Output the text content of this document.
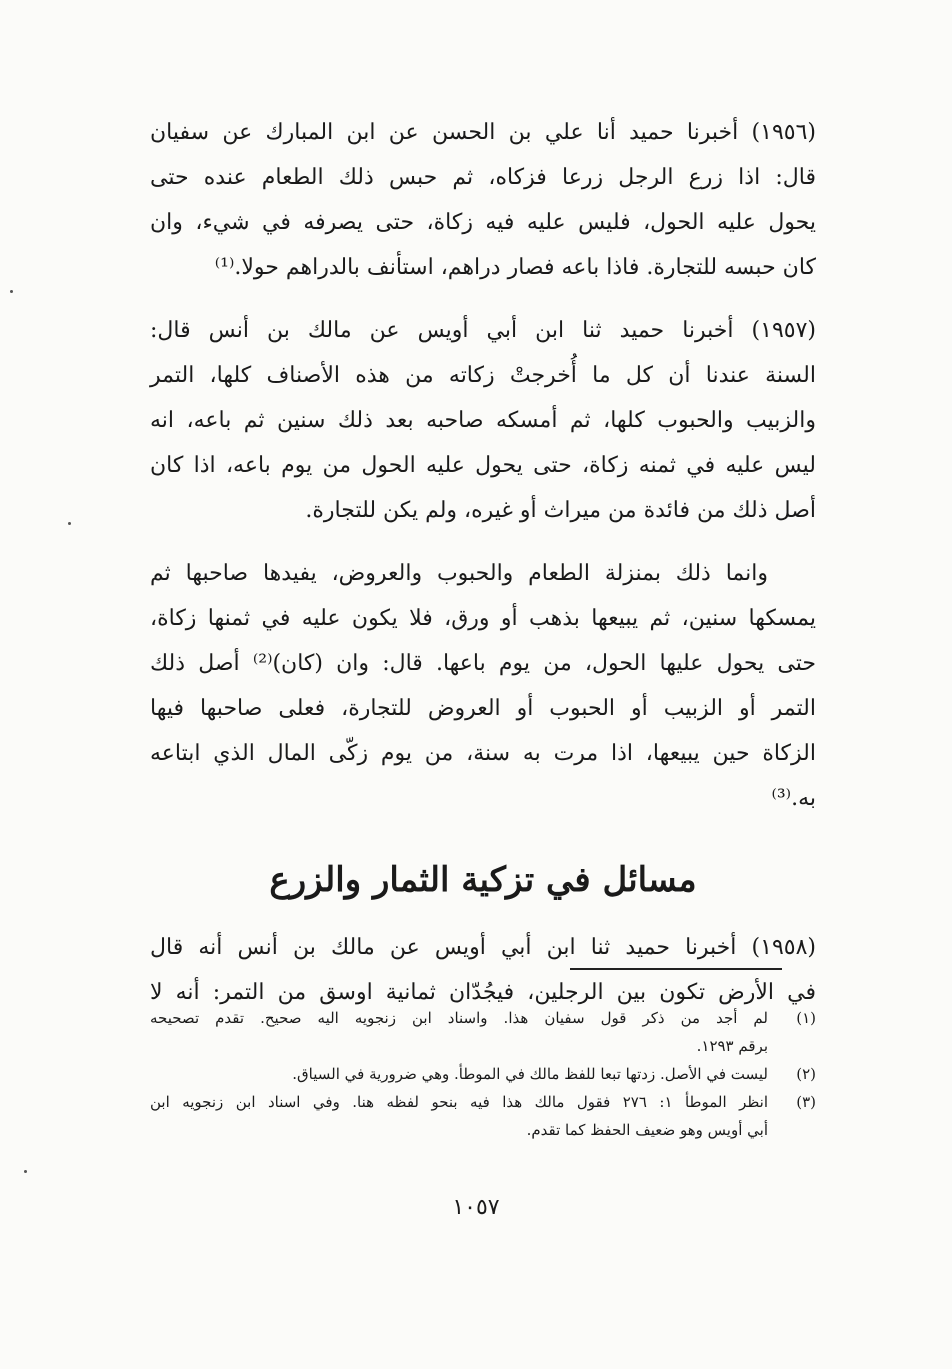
(١٩٥٦) أخبرنا حميد أنا علي بن الحسن عن ابن المبارك عن سفيان
قال: اذا زرع الرجل زرعا فزكاه، ثم حبس ذلك الطعام عنده حتى
يحول عليه الحول، فليس عليه فيه زكاة، حتى يصرفه في شيء، وان
كان حبسه للتجارة. فاذا باعه فصار دراهم، استأنف بالدراهم حولا.⁽¹⁾
(١٩٥٧) أخبرنا حميد ثنا ابن أبي أويس عن مالك بن أنس قال:
السنة عندنا أن كل ما أُخرجتْ زكاته من هذه الأصناف كلها، التمر
والزبيب والحبوب كلها، ثم أمسكه صاحبه بعد ذلك سنين ثم باعه، انه
ليس عليه في ثمنه زكاة، حتى يحول عليه الحول من يوم باعه، اذا كان
أصل ذلك من فائدة من ميراث أو غيره، ولم يكن للتجارة.
وانما ذلك بمنزلة الطعام والحبوب والعروض، يفيدها صاحبها ثم
يمسكها سنين، ثم يبيعها بذهب أو ورق، فلا يكون عليه في ثمنها زكاة،
حتى يحول عليها الحول، من يوم باعها. قال: وان (كان)⁽²⁾ أصل ذلك
التمر أو الزبيب أو الحبوب أو العروض للتجارة، فعلى صاحبها فيها
الزكاة حين يبيعها، اذا مرت به سنة، من يوم زكّى المال الذي ابتاعه
به.⁽³⁾
مسائل في تزكية الثمار والزرع
(١٩٥٨) أخبرنا حميد ثنا ابن أبي أويس عن مالك بن أنس أنه قال
في الأرض تكون بين الرجلين، فيجُدّان ثمانية اوسق من التمر: أنه لا
(١)
لم أجد من ذكر قول سفيان هذا. واسناد ابن زنجويه اليه صحيح. تقدم تصحيحه
برقم ١٢٩٣.
(٢)
ليست في الأصل. زدتها تبعا للفظ مالك في الموطأ. وهي ضرورية في السياق.
(٣)
انظر الموطأ ١: ٢٧٦ فقول مالك هذا فيه بنحو لفظه هنا. وفي اسناد ابن زنجويه ابن
أبي أويس وهو ضعيف الحفظ كما تقدم.
١٠٥٧
